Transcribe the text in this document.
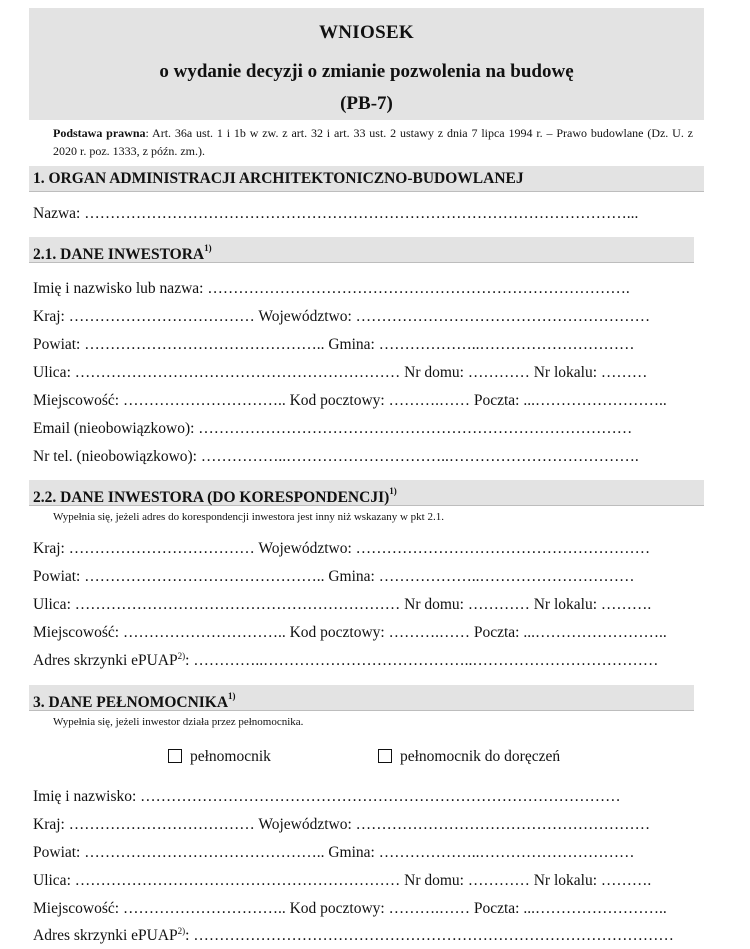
WNIOSEK
o wydanie decyzji o zmianie pozwolenia na budowę
(PB-7)
Podstawa prawna: Art. 36a ust. 1 i 1b w zw. z art. 32 i art. 33 ust. 2 ustawy z dnia 7 lipca 1994 r. – Prawo budowlane (Dz. U. z 2020 r. poz. 1333, z późn. zm.).
1. ORGAN ADMINISTRACJI ARCHITEKTONICZNO-BUDOWLANEJ
Nazwa: ……………………………………………………………………………………………...
2.1. DANE INWESTORA$^{1)}$
Imię i nazwisko lub nazwa: ……………………………………………………………………….
Kraj: ……………………………… Województwo: …………………………………………………
Powiat: ……………………………………….. Gmina: ………………..…………………………
Ulica: ……………………………………………………… Nr domu: ………… Nr lokalu: ………
Miejscowość: ………………………….. Kod pocztowy: ……….…… Poczta: ...……………………..
Email (nieobowiązkowo): …………………………………………………………………………
Nr tel. (nieobowiązkowo): ……………..…………………………..……………………………….
2.2. DANE INWESTORA (DO KORESPONDENCJI)$^{1)}$
Wypełnia się, jeżeli adres do korespondencji inwestora jest inny niż wskazany w pkt 2.1.
Kraj: ……………………………… Województwo: …………………………………………………
Powiat: ……………………………………….. Gmina: ………………..…………………………
Ulica: ……………………………………………………… Nr domu: ………… Nr lokalu: ……….
Miejscowość: ………………………….. Kod pocztowy: ……….…… Poczta: ...……………………..
Adres skrzynki ePUAP$^{2)}$: …………..…………………………………..………………………………
3. DANE PEŁNOMOCNIKA$^{1)}$
Wypełnia się, jeżeli inwestor działa przez pełnomocnika.
pełnomocnik	pełnomocnik do doręczeń
Imię i nazwisko: …………………………………………………………………………………
Kraj: ……………………………… Województwo: …………………………………………………
Powiat: ……………………………………….. Gmina: ………………..…………………………
Ulica: ……………………………………………………… Nr domu: ………… Nr lokalu: ……….
Miejscowość: ………………………….. Kod pocztowy: ……….…… Poczta: ...……………………..
Adres skrzynki ePUAP$^{2)}$: …………………………………………………………………………………
